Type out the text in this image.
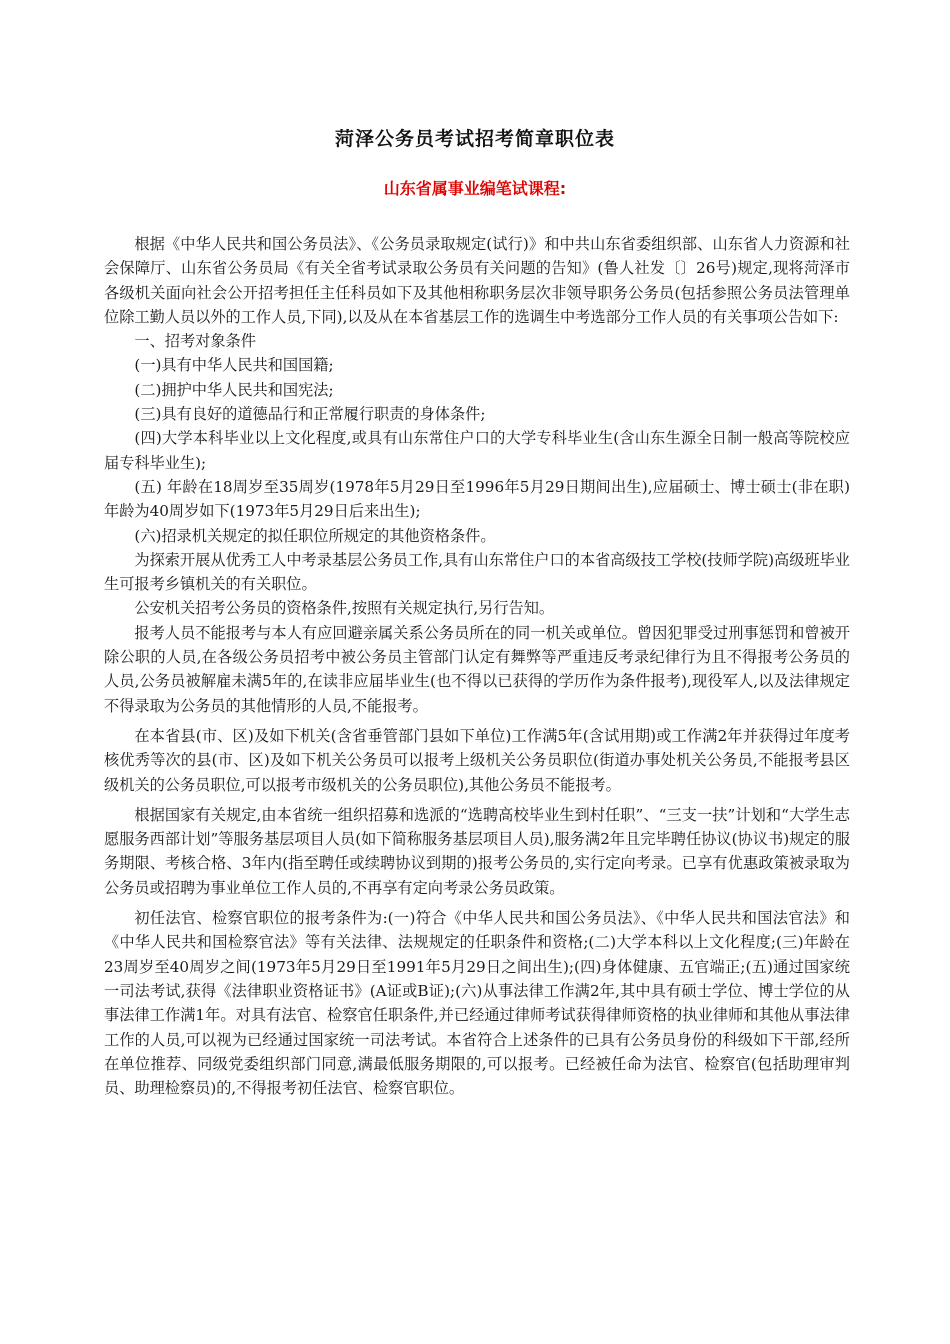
菏泽公务员考试招考简章职位表
山东省属事业编笔试课程:

根据《中华人民共和国公务员法》、《公务员录取规定(试行)》和中共山东省委组织部、山东省人力资源和社会保障厅、山东省公务员局《有关全省考试录取公务员有关问题的告知》(鲁人社发〔〕26号)规定,现将菏泽市各级机关面向社会公开招考担任主任科员如下及其他相称职务层次非领导职务公务员(包括参照公务员法管理单位除工勤人员以外的工作人员,下同),以及从在本省基层工作的选调生中考选部分工作人员的有关事项公告如下:

一、招考对象条件

(一)具有中华人民共和国国籍;

(二)拥护中华人民共和国宪法;

(三)具有良好的道德品行和正常履行职责的身体条件;

(四)大学本科毕业以上文化程度,或具有山东常住户口的大学专科毕业生(含山东生源全日制一般高等院校应届专科毕业生);

(五) 年龄在18周岁至35周岁(1978年5月29日至1996年5月29日期间出生),应届硕士、博士硕士(非在职)年龄为40周岁如下(1973年5月29日后来出生);

(六)招录机关规定的拟任职位所规定的其他资格条件。

为探索开展从优秀工人中考录基层公务员工作,具有山东常住户口的本省高级技工学校(技师学院)高级班毕业生可报考乡镇机关的有关职位。

公安机关招考公务员的资格条件,按照有关规定执行,另行告知。

报考人员不能报考与本人有应回避亲属关系公务员所在的同一机关或单位。曾因犯罪受过刑事惩罚和曾被开除公职的人员,在各级公务员招考中被公务员主管部门认定有舞弊等严重违反考录纪律行为且不得报考公务员的人员,公务员被解雇未满5年的,在读非应届毕业生(也不得以已获得的学历作为条件报考),现役军人,以及法律规定不得录取为公务员的其他情形的人员,不能报考。

在本省县(市、区)及如下机关(含省垂管部门县如下单位)工作满5年(含试用期)或工作满2年并获得过年度考核优秀等次的县(市、区)及如下机关公务员可以报考上级机关公务员职位(街道办事处机关公务员,不能报考县区级机关的公务员职位,可以报考市级机关的公务员职位),其他公务员不能报考。

根据国家有关规定,由本省统一组织招募和选派的“选聘高校毕业生到村任职”、“三支一扶”计划和“大学生志愿服务西部计划”等服务基层项目人员(如下简称服务基层项目人员),服务满2年且完毕聘任协议(协议书)规定的服务期限、考核合格、3年内(指至聘任或续聘协议到期的)报考公务员的,实行定向考录。已享有优惠政策被录取为公务员或招聘为事业单位工作人员的,不再享有定向考录公务员政策。

初任法官、检察官职位的报考条件为:(一)符合《中华人民共和国公务员法》、《中华人民共和国法官法》和《中华人民共和国检察官法》等有关法律、法规规定的任职条件和资格;(二)大学本科以上文化程度;(三)年龄在23周岁至40周岁之间(1973年5月29日至1991年5月29日之间出生);(四)身体健康、五官端正;(五)通过国家统一司法考试,获得《法律职业资格证书》(A证或B证);(六)从事法律工作满2年,其中具有硕士学位、博士学位的从事法律工作满1年。对具有法官、检察官任职条件,并已经通过律师考试获得律师资格的执业律师和其他从事法律工作的人员,可以视为已经通过国家统一司法考试。本省符合上述条件的已具有公务员身份的科级如下干部,经所在单位推荐、同级党委组织部门同意,满最低服务期限的,可以报考。已经被任命为法官、检察官(包括助理审判员、助理检察员)的,不得报考初任法官、检察官职位。
